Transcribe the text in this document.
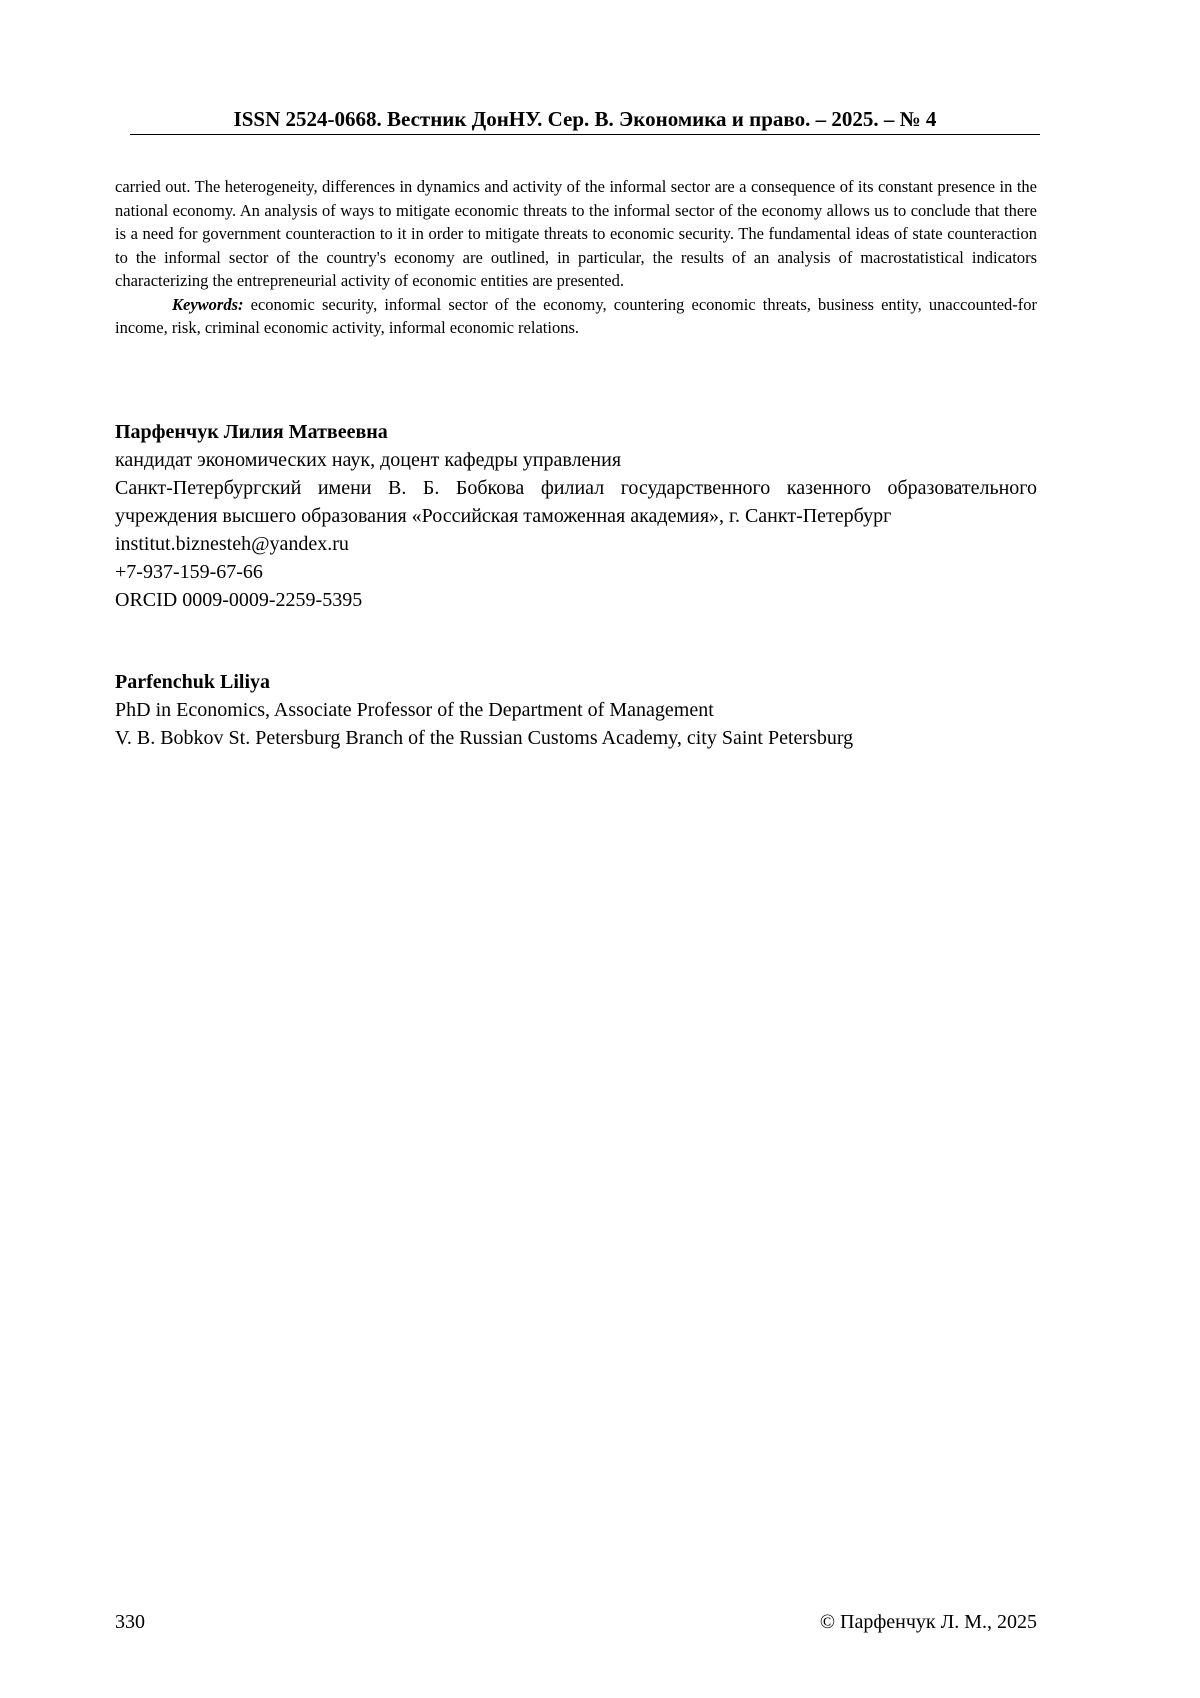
ISSN 2524-0668. Вестник ДонНУ. Сер. В. Экономика и право. – 2025. – № 4

carried out. The heterogeneity, differences in dynamics and activity of the informal sector are a consequence of its constant presence in the national economy. An analysis of ways to mitigate economic threats to the informal sector of the economy allows us to conclude that there is a need for government counteraction to it in order to mitigate threats to economic security. The fundamental ideas of state counteraction to the informal sector of the country's economy are outlined, in particular, the results of an analysis of macrostatistical indicators characterizing the entrepreneurial activity of economic entities are presented.

Keywords: economic security, informal sector of the economy, countering economic threats, business entity, unaccounted-for income, risk, criminal economic activity, informal economic relations.

Парфенчук Лилия Матвеевна
кандидат экономических наук, доцент кафедры управления
Санкт-Петербургский имени В. Б. Бобкова филиал государственного казенного образовательного учреждения высшего образования «Российская таможенная академия», г. Санкт-Петербург
institut.biznesteh@yandex.ru
+7-937-159-67-66
ORCID 0009-0009-2259-5395
Parfenchuk Liliya
PhD in Economics, Associate Professor of the Department of Management
V. B. Bobkov St. Petersburg Branch of the Russian Customs Academy, city Saint Petersburg
330	© Парфенчук Л. М., 2025
